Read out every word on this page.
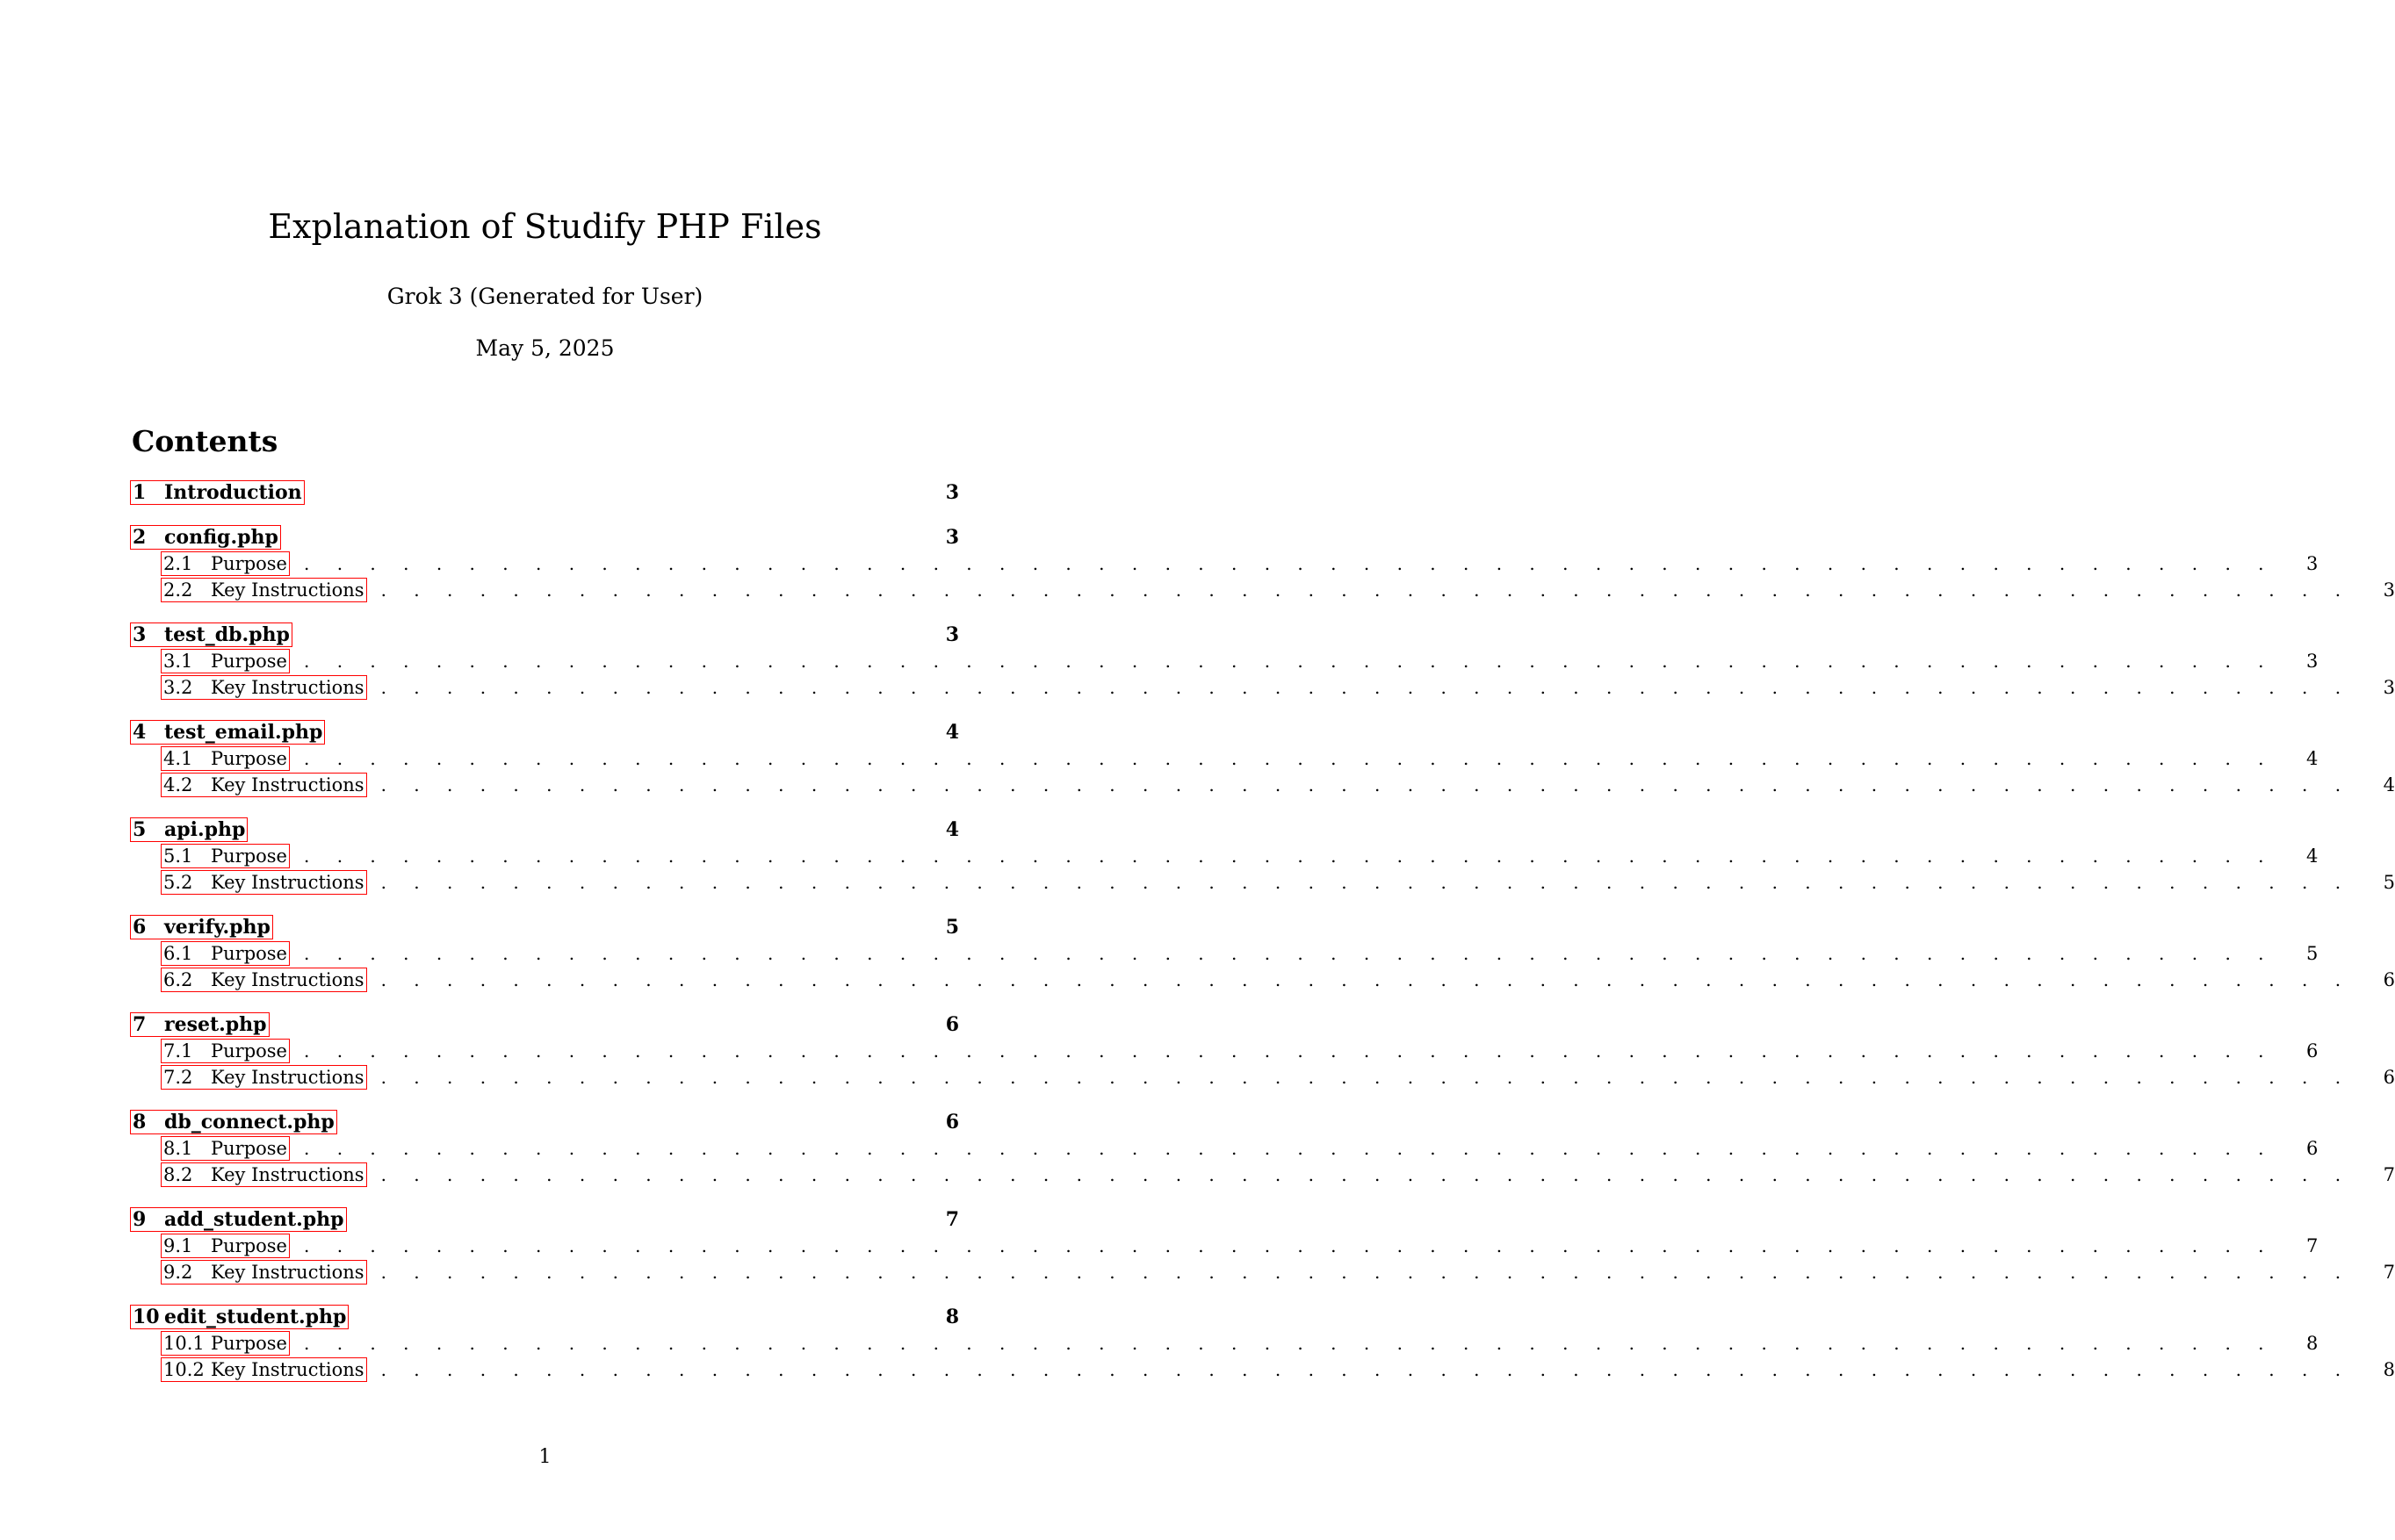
Explanation of Studify PHP Files
Grok 3 (Generated for User)
May 5, 2025
Contents
1 Introduction	3
2 config.php	3
2.1 Purpose . . . . . . . . . . . . . . . . . . . . . . . . . . . . . . . . . . . . . . . . . . . . . . . . . . . . . . . . . . . . 3
2.2 Key Instructions . . . . . . . . . . . . . . . . . . . . . . . . . . . . . . . . . . . . . . . . . . . . . . . . . . . . . . . . . . . . 3
3 test_db.php	3
3.1 Purpose . . . . . . . . . . . . . . . . . . . . . . . . . . . . . . . . . . . . . . . . . . . . . . . . . . . . . . . . . . . . 3
3.2 Key Instructions . . . . . . . . . . . . . . . . . . . . . . . . . . . . . . . . . . . . . . . . . . . . . . . . . . . . . . . . . . . . 3
4 test_email.php	4
4.1 Purpose . . . . . . . . . . . . . . . . . . . . . . . . . . . . . . . . . . . . . . . . . . . . . . . . . . . . . . . . . . . . 4
4.2 Key Instructions . . . . . . . . . . . . . . . . . . . . . . . . . . . . . . . . . . . . . . . . . . . . . . . . . . . . . . . . . . . . 4
5 api.php	4
5.1 Purpose . . . . . . . . . . . . . . . . . . . . . . . . . . . . . . . . . . . . . . . . . . . . . . . . . . . . . . . . . . . . 4
5.2 Key Instructions . . . . . . . . . . . . . . . . . . . . . . . . . . . . . . . . . . . . . . . . . . . . . . . . . . . . . . . . . . . . 5
6 verify.php	5
6.1 Purpose . . . . . . . . . . . . . . . . . . . . . . . . . . . . . . . . . . . . . . . . . . . . . . . . . . . . . . . . . . . . 5
6.2 Key Instructions . . . . . . . . . . . . . . . . . . . . . . . . . . . . . . . . . . . . . . . . . . . . . . . . . . . . . . . . . . . . 6
7 reset.php	6
7.1 Purpose . . . . . . . . . . . . . . . . . . . . . . . . . . . . . . . . . . . . . . . . . . . . . . . . . . . . . . . . . . . . 6
7.2 Key Instructions . . . . . . . . . . . . . . . . . . . . . . . . . . . . . . . . . . . . . . . . . . . . . . . . . . . . . . . . . . . . 6
8 db_connect.php	6
8.1 Purpose . . . . . . . . . . . . . . . . . . . . . . . . . . . . . . . . . . . . . . . . . . . . . . . . . . . . . . . . . . . . 6
8.2 Key Instructions . . . . . . . . . . . . . . . . . . . . . . . . . . . . . . . . . . . . . . . . . . . . . . . . . . . . . . . . . . . . 7
9 add_student.php	7
9.1 Purpose . . . . . . . . . . . . . . . . . . . . . . . . . . . . . . . . . . . . . . . . . . . . . . . . . . . . . . . . . . . . 7
9.2 Key Instructions . . . . . . . . . . . . . . . . . . . . . . . . . . . . . . . . . . . . . . . . . . . . . . . . . . . . . . . . . . . . 7
10 edit_student.php	8
10.1 Purpose . . . . . . . . . . . . . . . . . . . . . . . . . . . . . . . . . . . . . . . . . . . . . . . . . . . . . . . . . . . . 8
10.2 Key Instructions . . . . . . . . . . . . . . . . . . . . . . . . . . . . . . . . . . . . . . . . . . . . . . . . . . . . . . . . . . . . 8
1
